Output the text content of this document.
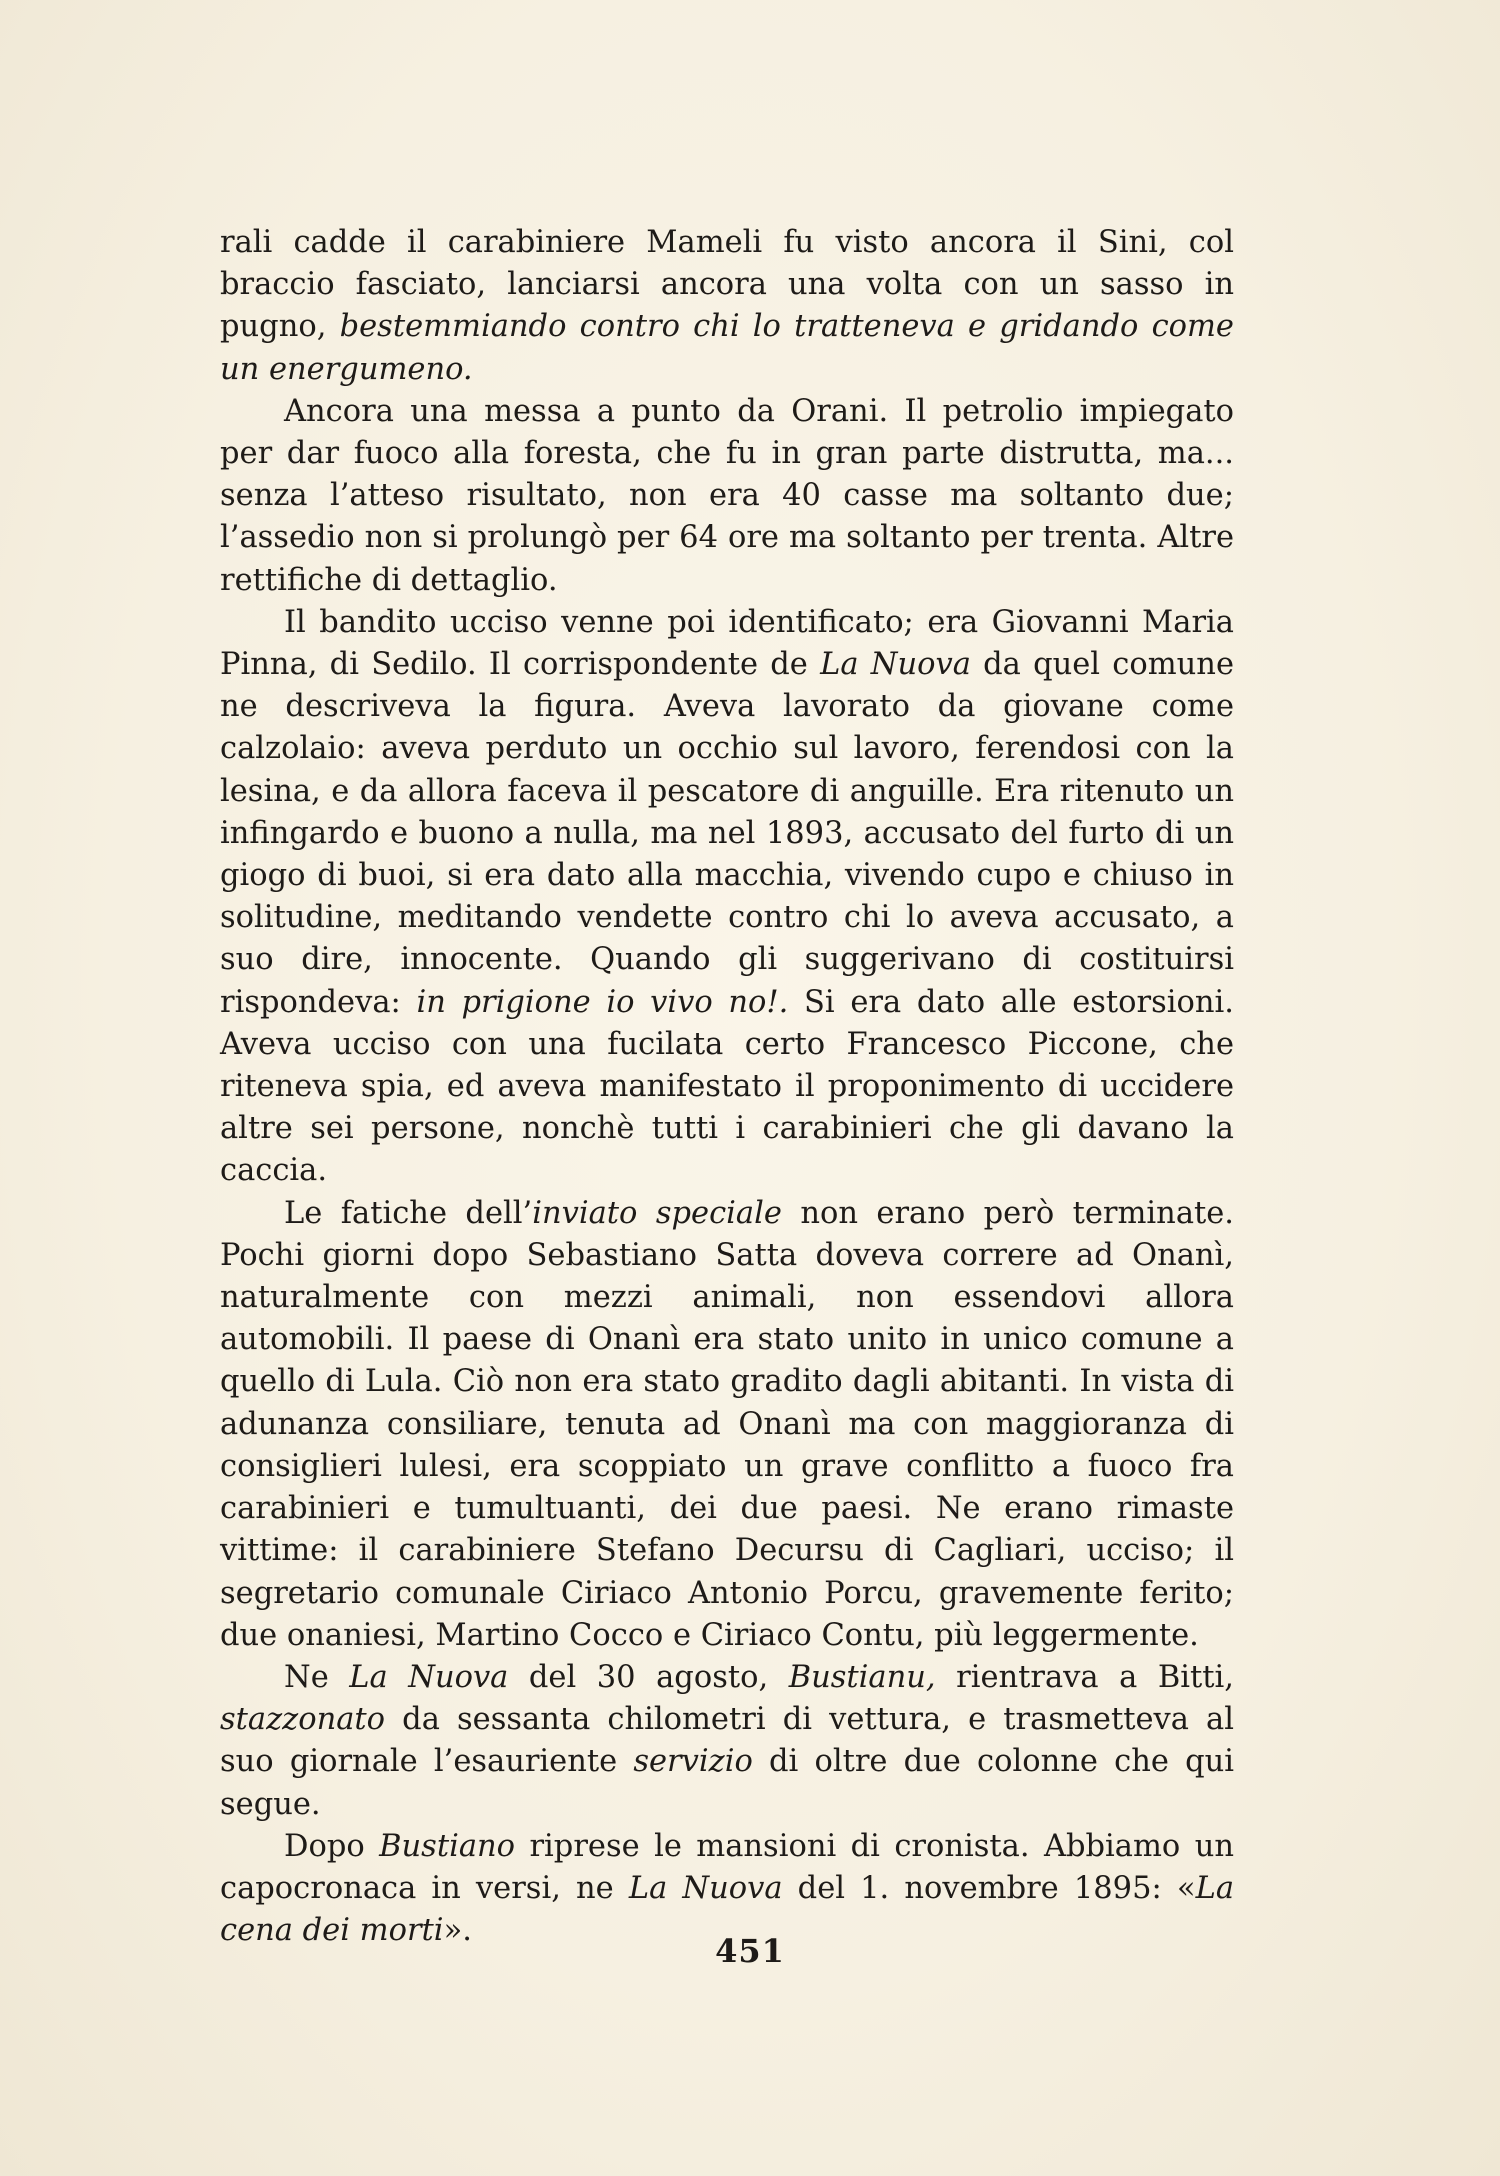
rali cadde il carabiniere Mameli fu visto ancora il Sini, col braccio fasciato, lanciarsi ancora una volta con un sasso in pugno, bestemmiando contro chi lo tratteneva e gridando come un energumeno.

Ancora una messa a punto da Orani. Il petrolio impiegato per dar fuoco alla foresta, che fu in gran parte distrutta, ma... senza l’atteso risultato, non era 40 casse ma soltanto due; l’assedio non si prolungò per 64 ore ma soltanto per trenta. Altre rettifiche di dettaglio.

Il bandito ucciso venne poi identificato; era Giovanni Maria Pinna, di Sedilo. Il corrispondente de La Nuova da quel comune ne descriveva la figura. Aveva lavorato da giovane come calzolaio: aveva perduto un occhio sul lavoro, ferendosi con la lesina, e da allora faceva il pescatore di anguille. Era ritenuto un infingardo e buono a nulla, ma nel 1893, accusato del furto di un giogo di buoi, si era dato alla macchia, vivendo cupo e chiuso in solitudine, meditando vendette contro chi lo aveva accusato, a suo dire, innocente. Quando gli suggerivano di costituirsi rispondeva: in prigione io vivo no!. Si era dato alle estorsioni. Aveva ucciso con una fucilata certo Francesco Piccone, che riteneva spia, ed aveva manifestato il proponimento di uccidere altre sei persone, nonchè tutti i carabinieri che gli davano la caccia.

Le fatiche dell’inviato speciale non erano però terminate. Pochi giorni dopo Sebastiano Satta doveva correre ad Onanì, naturalmente con mezzi animali, non essendovi allora automobili. Il paese di Onanì era stato unito in unico comune a quello di Lula. Ciò non era stato gradito dagli abitanti. In vista di adunanza consiliare, tenuta ad Onanì ma con maggioranza di consiglieri lulesi, era scoppiato un grave conflitto a fuoco fra carabinieri e tumultuanti, dei due paesi. Ne erano rimaste vittime: il carabiniere Stefano Decursu di Cagliari, ucciso; il segretario comunale Ciriaco Antonio Porcu, gravemente ferito; due onaniesi, Martino Cocco e Ciriaco Contu, più leggermente.

Ne La Nuova del 30 agosto, Bustianu, rientrava a Bitti, stazzonato da sessanta chilometri di vettura, e trasmetteva al suo giornale l’esauriente servizio di oltre due colonne che qui segue.

Dopo Bustiano riprese le mansioni di cronista. Abbiamo un capocronaca in versi, ne La Nuova del 1. novembre 1895: «La cena dei morti».

451
